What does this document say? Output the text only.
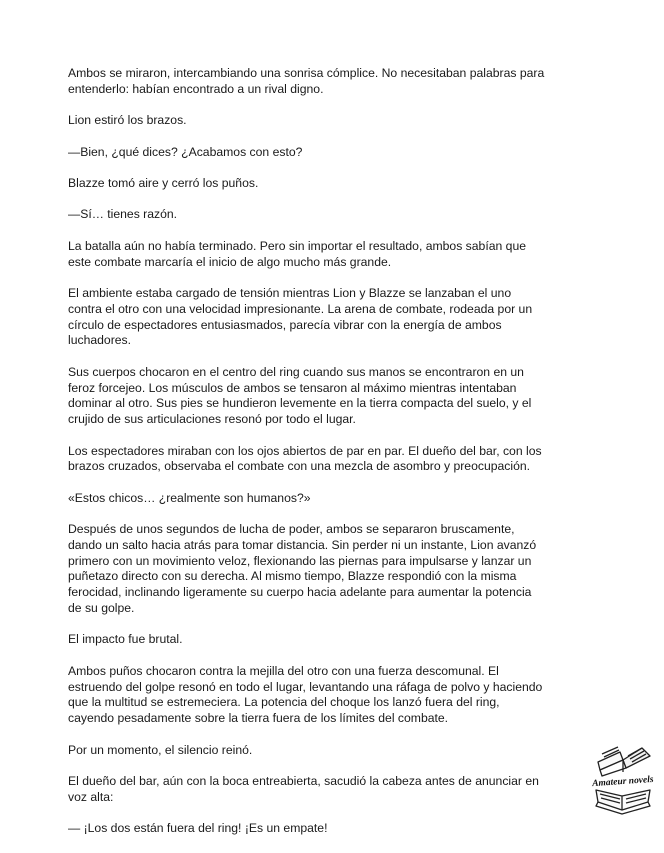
Ambos se miraron, intercambiando una sonrisa cómplice. No necesitaban palabras para entenderlo: habían encontrado a un rival digno.

Lion estiró los brazos.

—Bien, ¿qué dices? ¿Acabamos con esto?

Blazze tomó aire y cerró los puños.

—Sí… tienes razón.

La batalla aún no había terminado. Pero sin importar el resultado, ambos sabían que este combate marcaría el inicio de algo mucho más grande.

El ambiente estaba cargado de tensión mientras Lion y Blazze se lanzaban el uno contra el otro con una velocidad impresionante. La arena de combate, rodeada por un círculo de espectadores entusiasmados, parecía vibrar con la energía de ambos luchadores.

Sus cuerpos chocaron en el centro del ring cuando sus manos se encontraron en un feroz forcejeo. Los músculos de ambos se tensaron al máximo mientras intentaban dominar al otro. Sus pies se hundieron levemente en la tierra compacta del suelo, y el crujido de sus articulaciones resonó por todo el lugar.

Los espectadores miraban con los ojos abiertos de par en par. El dueño del bar, con los brazos cruzados, observaba el combate con una mezcla de asombro y preocupación.

«Estos chicos… ¿realmente son humanos?»

Después de unos segundos de lucha de poder, ambos se separaron bruscamente, dando un salto hacia atrás para tomar distancia. Sin perder ni un instante, Lion avanzó primero con un movimiento veloz, flexionando las piernas para impulsarse y lanzar un puñetazo directo con su derecha. Al mismo tiempo, Blazze respondió con la misma ferocidad, inclinando ligeramente su cuerpo hacia adelante para aumentar la potencia de su golpe.

El impacto fue brutal.

Ambos puños chocaron contra la mejilla del otro con una fuerza descomunal. El estruendo del golpe resonó en todo el lugar, levantando una ráfaga de polvo y haciendo que la multitud se estremeciera. La potencia del choque los lanzó fuera del ring, cayendo pesadamente sobre la tierra fuera de los límites del combate.

Por un momento, el silencio reinó.

El dueño del bar, aún con la boca entreabierta, sacudió la cabeza antes de anunciar en voz alta:

— ¡Los dos están fuera del ring! ¡Es un empate!

Amateur novels
